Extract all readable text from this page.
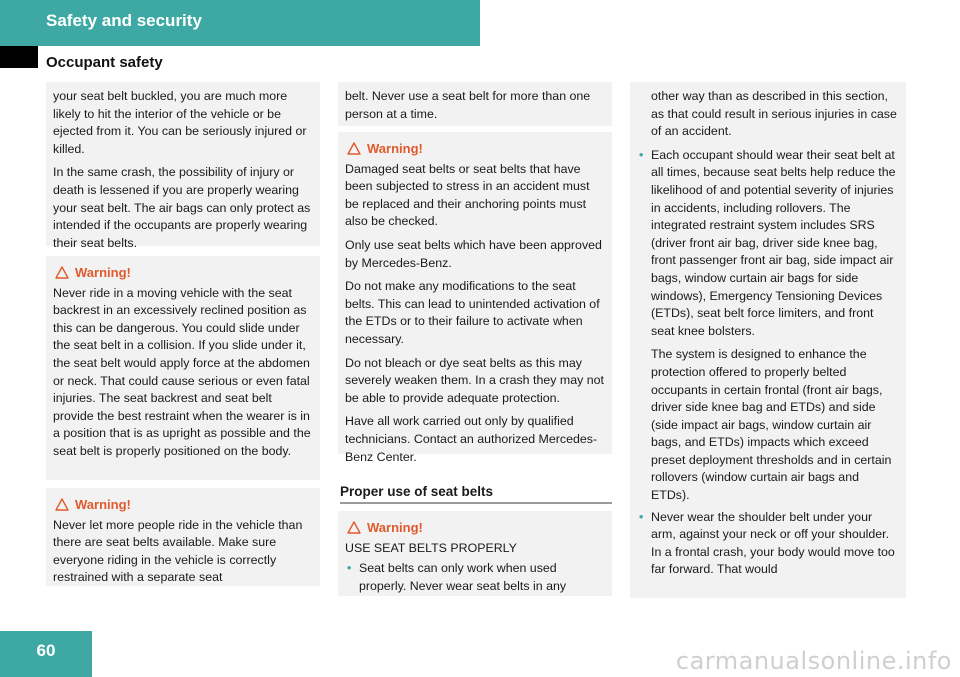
Safety and security
Occupant safety

your seat belt buckled, you are much more likely to hit the interior of the vehicle or be ejected from it. You can be seriously injured or killed.

In the same crash, the possibility of injury or death is lessened if you are properly wearing your seat belt. The air bags can only protect as intended if the occupants are properly wearing their seat belts.

Warning!

Never ride in a moving vehicle with the seat backrest in an excessively reclined position as this can be dangerous. You could slide under the seat belt in a collision. If you slide under it, the seat belt would apply force at the abdomen or neck. That could cause serious or even fatal injuries. The seat backrest and seat belt provide the best restraint when the wearer is in a position that is as upright as possible and the seat belt is properly positioned on the body.

Warning!

Never let more people ride in the vehicle than there are seat belts available. Make sure everyone riding in the vehicle is correctly restrained with a separate seat

belt. Never use a seat belt for more than one person at a time.

Warning!

Damaged seat belts or seat belts that have been subjected to stress in an accident must be replaced and their anchoring points must also be checked.

Only use seat belts which have been approved by Mercedes-Benz.

Do not make any modifications to the seat belts. This can lead to unintended activation of the ETDs or to their failure to activate when necessary.

Do not bleach or dye seat belts as this may severely weaken them. In a crash they may not be able to provide adequate protection.

Have all work carried out only by qualified technicians. Contact an authorized Mercedes-Benz Center.

Proper use of seat belts
Warning!

USE SEAT BELTS PROPERLY

• Seat belts can only work when used properly. Never wear seat belts in any

other way than as described in this section, as that could result in serious injuries in case of an accident.

• Each occupant should wear their seat belt at all times, because seat belts help reduce the likelihood of and potential severity of injuries in accidents, including rollovers. The integrated restraint system includes SRS (driver front air bag, driver side knee bag, front passenger front air bag, side impact air bags, window curtain air bags for side windows), Emergency Tensioning Devices (ETDs), seat belt force limiters, and front seat knee bolsters.
The system is designed to enhance the protection offered to properly belted occupants in certain frontal (front air bags, driver side knee bag and ETDs) and side (side impact air bags, window curtain air bags, and ETDs) impacts which exceed preset deployment thresholds and in certain rollovers (window curtain air bags and ETDs).
• Never wear the shoulder belt under your arm, against your neck or off your shoulder. In a frontal crash, your body would move too far forward. That would
60	carmanualsonline.info
